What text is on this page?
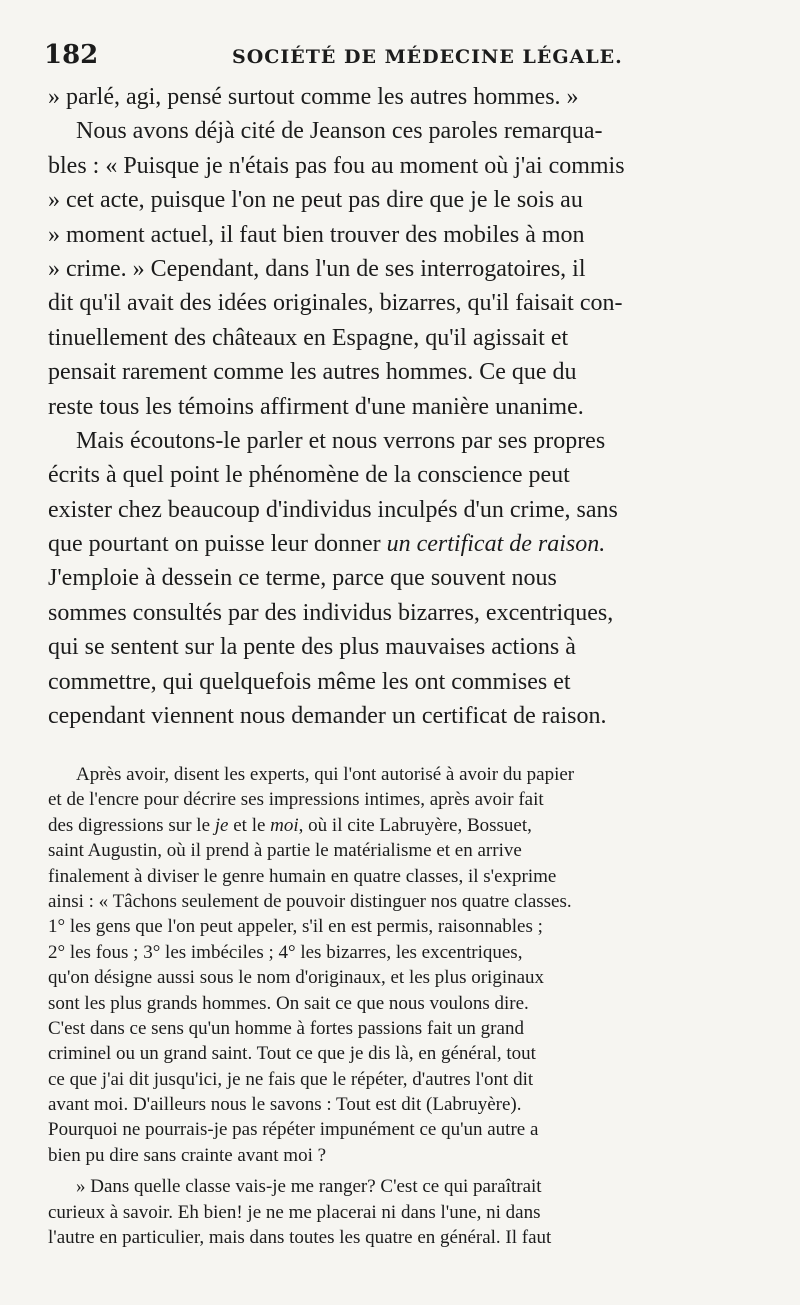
182	SOCIÉTÉ DE MÉDECINE LÉGALE.
» parlé, agi, pensé surtout comme les autres hommes. »
Nous avons déjà cité de Jeanson ces paroles remarqua-
bles : « Puisque je n'étais pas fou au moment où j'ai commis
» cet acte, puisque l'on ne peut pas dire que je le sois au
» moment actuel, il faut bien trouver des mobiles à mon
» crime. » Cependant, dans l'un de ses interrogatoires, il
dit qu'il avait des idées originales, bizarres, qu'il faisait con-
tinuellement des châteaux en Espagne, qu'il agissait et
pensait rarement comme les autres hommes. Ce que du
reste tous les témoins affirment d'une manière unanime.
Mais écoutons-le parler et nous verrons par ses propres
écrits à quel point le phénomène de la conscience peut
exister chez beaucoup d'individus inculpés d'un crime, sans
que pourtant on puisse leur donner un certificat de raison.
J'emploie à dessein ce terme, parce que souvent nous
sommes consultés par des individus bizarres, excentriques,
qui se sentent sur la pente des plus mauvaises actions à
commettre, qui quelquefois même les ont commises et
cependant viennent nous demander un certificat de raison.
Après avoir, disent les experts, qui l'ont autorisé à avoir du papier
et de l'encre pour décrire ses impressions intimes, après avoir fait
des digressions sur le je et le moi, où il cite Labruyère, Bossuet,
saint Augustin, où il prend à partie le matérialisme et en arrive
finalement à diviser le genre humain en quatre classes, il s'exprime
ainsi : « Tâchons seulement de pouvoir distinguer nos quatre classes.
1° les gens que l'on peut appeler, s'il en est permis, raisonnables ;
2° les fous ; 3° les imbéciles ; 4° les bizarres, les excentriques,
qu'on désigne aussi sous le nom d'originaux, et les plus originaux
sont les plus grands hommes. On sait ce que nous voulons dire.
C'est dans ce sens qu'un homme à fortes passions fait un grand
criminel ou un grand saint. Tout ce que je dis là, en général, tout
ce que j'ai dit jusqu'ici, je ne fais que le répéter, d'autres l'ont dit
avant moi. D'ailleurs nous le savons : Tout est dit (Labruyère).
Pourquoi ne pourrais-je pas répéter impunément ce qu'un autre a
bien pu dire sans crainte avant moi ?
» Dans quelle classe vais-je me ranger? C'est ce qui paraîtrait
curieux à savoir. Eh bien! je ne me placerai ni dans l'une, ni dans
l'autre en particulier, mais dans toutes les quatre en général. Il faut
